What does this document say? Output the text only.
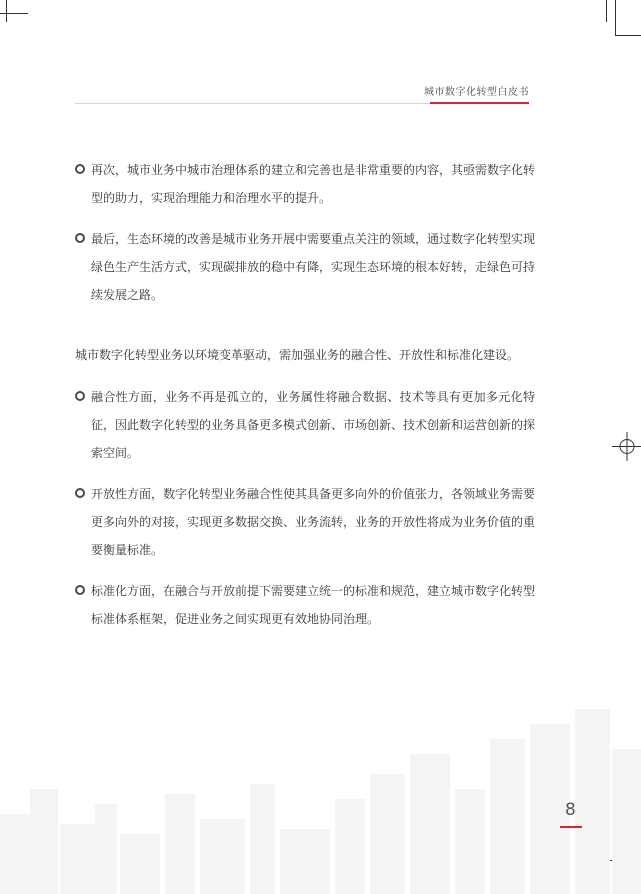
城市数字化转型白皮书
再次，城市业务中城市治理体系的建立和完善也是非常重要的内容，其亟需数字化转型的助力，实现治理能力和治理水平的提升。
最后，生态环境的改善是城市业务开展中需要重点关注的领域，通过数字化转型实现绿色生产生活方式，实现碳排放的稳中有降，实现生态环境的根本好转，走绿色可持续发展之路。

城市数字化转型业务以环境变革驱动，需加强业务的融合性、开放性和标准化建设。

融合性方面，业务不再是孤立的，业务属性将融合数据、技术等具有更加多元化特征，因此数字化转型的业务具备更多模式创新、市场创新、技术创新和运营创新的探索空间。
开放性方面，数字化转型业务融合性使其具备更多向外的价值张力，各领域业务需要更多向外的对接，实现更多数据交换、业务流转，业务的开放性将成为业务价值的重要衡量标准。
标准化方面，在融合与开放前提下需要建立统一的标准和规范，建立城市数字化转型标准体系框架，促进业务之间实现更有效地协同治理。
8
